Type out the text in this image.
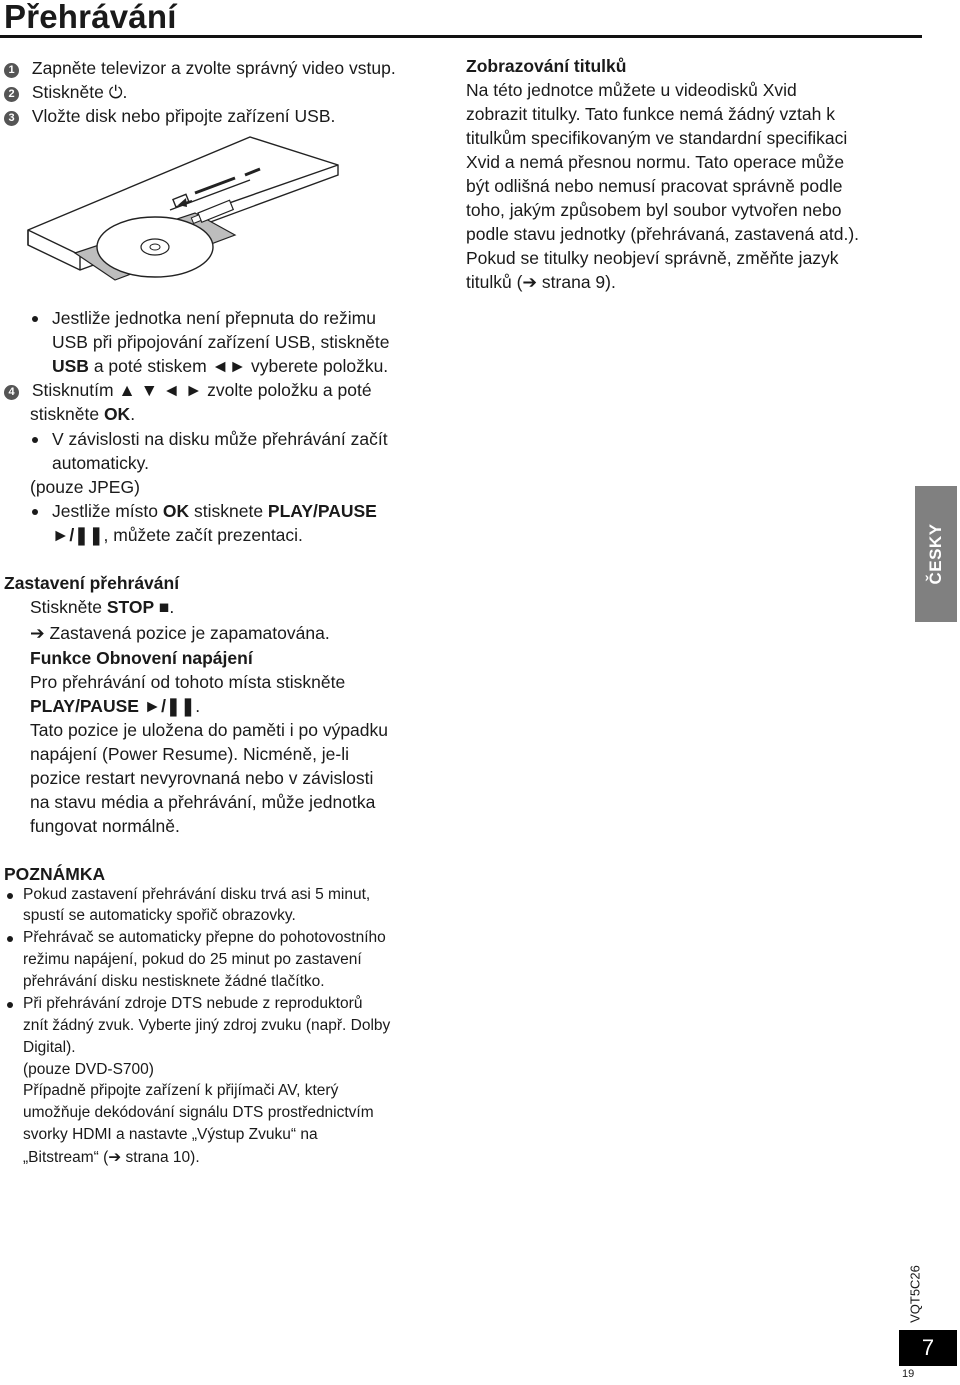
Přehrávání
1 Zapněte televizor a zvolte správný video vstup.
2 Stiskněte ⏻.
3 Vložte disk nebo připojte zařízení USB.
Jestliže jednotka není přepnuta do režimu
USB při připojování zařízení USB, stiskněte
USB a poté stiskem ◄► vyberete položku.
4 Stisknutím ▲ ▼ ◄ ► zvolte položku a poté
stiskněte OK.
V závislosti na disku může přehrávání začít
automaticky.
(pouze JPEG)
Jestliže místo OK stisknete PLAY/PAUSE
►/❚❚, můžete začít prezentaci.
Zastavení přehrávání
Stiskněte STOP ■.
➔ Zastavená pozice je zapamatována.
Funkce Obnovení napájení
Pro přehrávání od tohoto místa stiskněte
PLAY/PAUSE ►/❚❚.
Tato pozice je uložena do paměti i po výpadku
napájení (Power Resume). Nicméně, je-li
pozice restart nevyrovnaná nebo v závislosti
na stavu média a přehrávání, může jednotka
fungovat normálně.
Zobrazování titulků
Na této jednotce můžete u videodisků Xvid
zobrazit titulky. Tato funkce nemá žádný vztah k
titulkům specifikovaným ve standardní specifikaci
Xvid a nemá přesnou normu. Tato operace může
být odlišná nebo nemusí pracovat správně podle
toho, jakým způsobem byl soubor vytvořen nebo
podle stavu jednotky (přehrávaná, zastavená atd.).
Pokud se titulky neobjeví správně, změňte jazyk
titulků (➔ strana 9).
ČESKY
POZNÁMKA
Pokud zastavení přehrávání disku trvá asi 5 minut,
spustí se automaticky spořič obrazovky.
Přehrávač se automaticky přepne do pohotovostního
režimu napájení, pokud do 25 minut po zastavení
přehrávání disku nestisknete žádné tlačítko.
Při přehrávání zdroje DTS nebude z reproduktorů
znít žádný zvuk. Vyberte jiný zdroj zvuku (např. Dolby
Digital).
(pouze DVD-S700)
Případně připojte zařízení k přijímači AV, který
umožňuje dekódování signálu DTS prostřednictvím
svorky HDMI a nastavte „Výstup Zvuku“ na
„Bitstream“ (➔ strana 10).
VQT5C26
7
19
